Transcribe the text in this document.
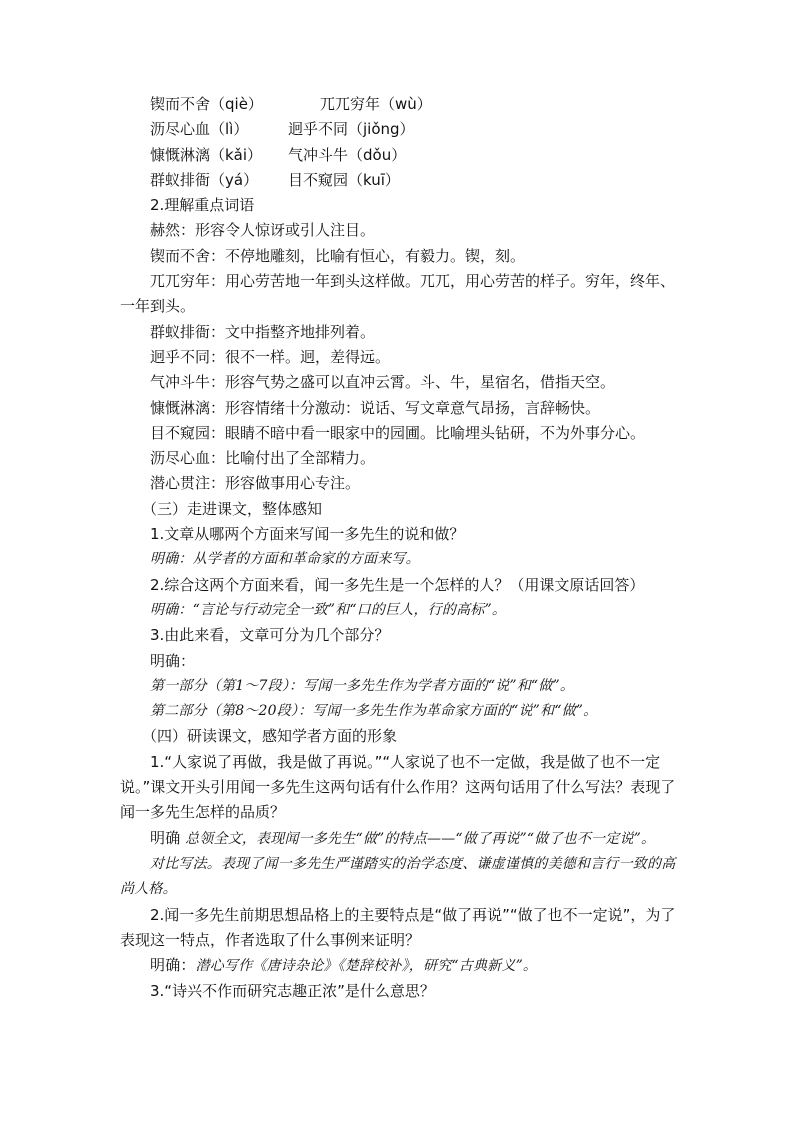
锲而不舍（qiè）	兀兀穷年（wù）
沥尽心血（lì）	迥乎不同（jiǒng）
慷慨淋漓（kǎi） 气冲斗牛（dǒu）
群蚁排衙（yá） 目不窥园（kuī）
2.理解重点词语
赫然：形容令人惊讶或引人注目。
锲而不舍：不停地雕刻，比喻有恒心，有毅力。锲，刻。
兀兀穷年：用心劳苦地一年到头这样做。兀兀，用心劳苦的样子。穷年，终年、一年到头。
群蚁排衙：文中指整齐地排列着。
迥乎不同：很不一样。迥，差得远。
气冲斗牛：形容气势之盛可以直冲云霄。斗、牛，星宿名，借指天空。
慷慨淋漓：形容情绪十分激动：说话、写文章意气昂扬，言辞畅快。
目不窥园：眼睛不暗中看一眼家中的园圃。比喻埋头钻研，不为外事分心。
沥尽心血：比喻付出了全部精力。
潜心贯注：形容做事用心专注。
（三）走进课文，整体感知
1.文章从哪两个方面来写闻一多先生的说和做？
明确：从学者的方面和革命家的方面来写。
2.综合这两个方面来看，闻一多先生是一个怎样的人？（用课文原话回答）
明确：“言论与行动完全一致”和“口的巨人，行的高标”。
3.由此来看，文章可分为几个部分？
明确：
第一部分（第1～7段）：写闻一多先生作为学者方面的“说”和“做”。
第二部分（第8～20段）：写闻一多先生作为革命家方面的“说”和“做”。
（四）研读课文，感知学者方面的形象
1.“人家说了再做，我是做了再说。”“人家说了也不一定做，我是做了也不一定说。”课文开头引用闻一多先生这两句话有什么作用？这两句话用了什么写法？表现了闻一多先生怎样的品质？
明确 总领全文，表现闻一多先生“做”的特点——“做了再说”“做了也不一定说”。
对比写法。表现了闻一多先生严谨踏实的治学态度、谦虚谨慎的美德和言行一致的高尚人格。
2.闻一多先生前期思想品格上的主要特点是“做了再说”“做了也不一定说”，为了表现这一特点，作者选取了什么事例来证明？
明确：潜心写作《唐诗杂论》《楚辞校补》，研究“古典新义”。
3.“诗兴不作而研究志趣正浓”是什么意思？
